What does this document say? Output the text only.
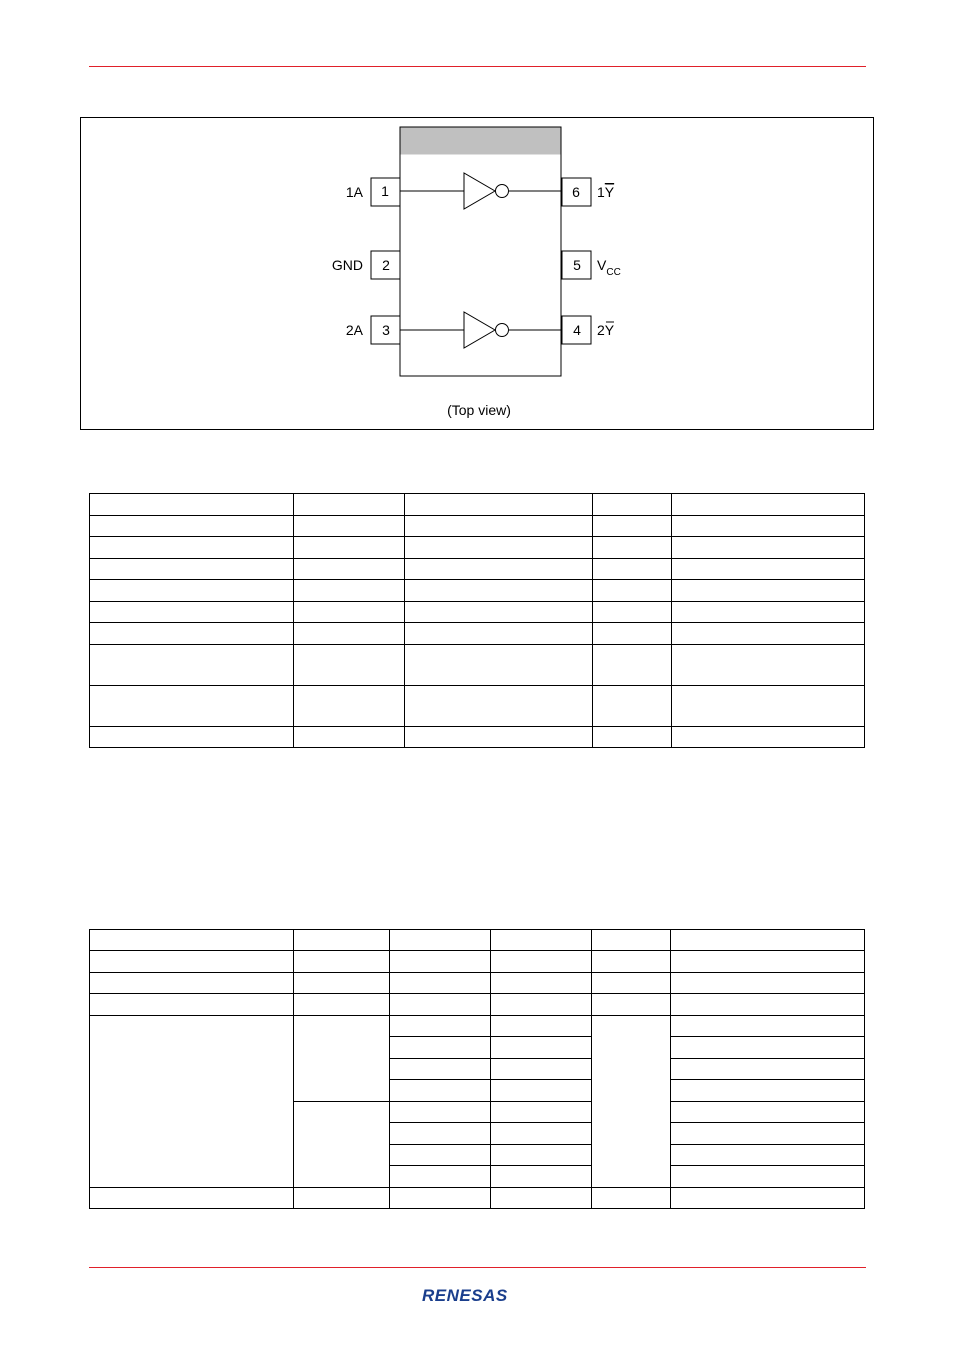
1
1A
2
GND
3
2A
6 1Y
5 $V_{CC}$
4 2Y
(Top view)

RENESAS
